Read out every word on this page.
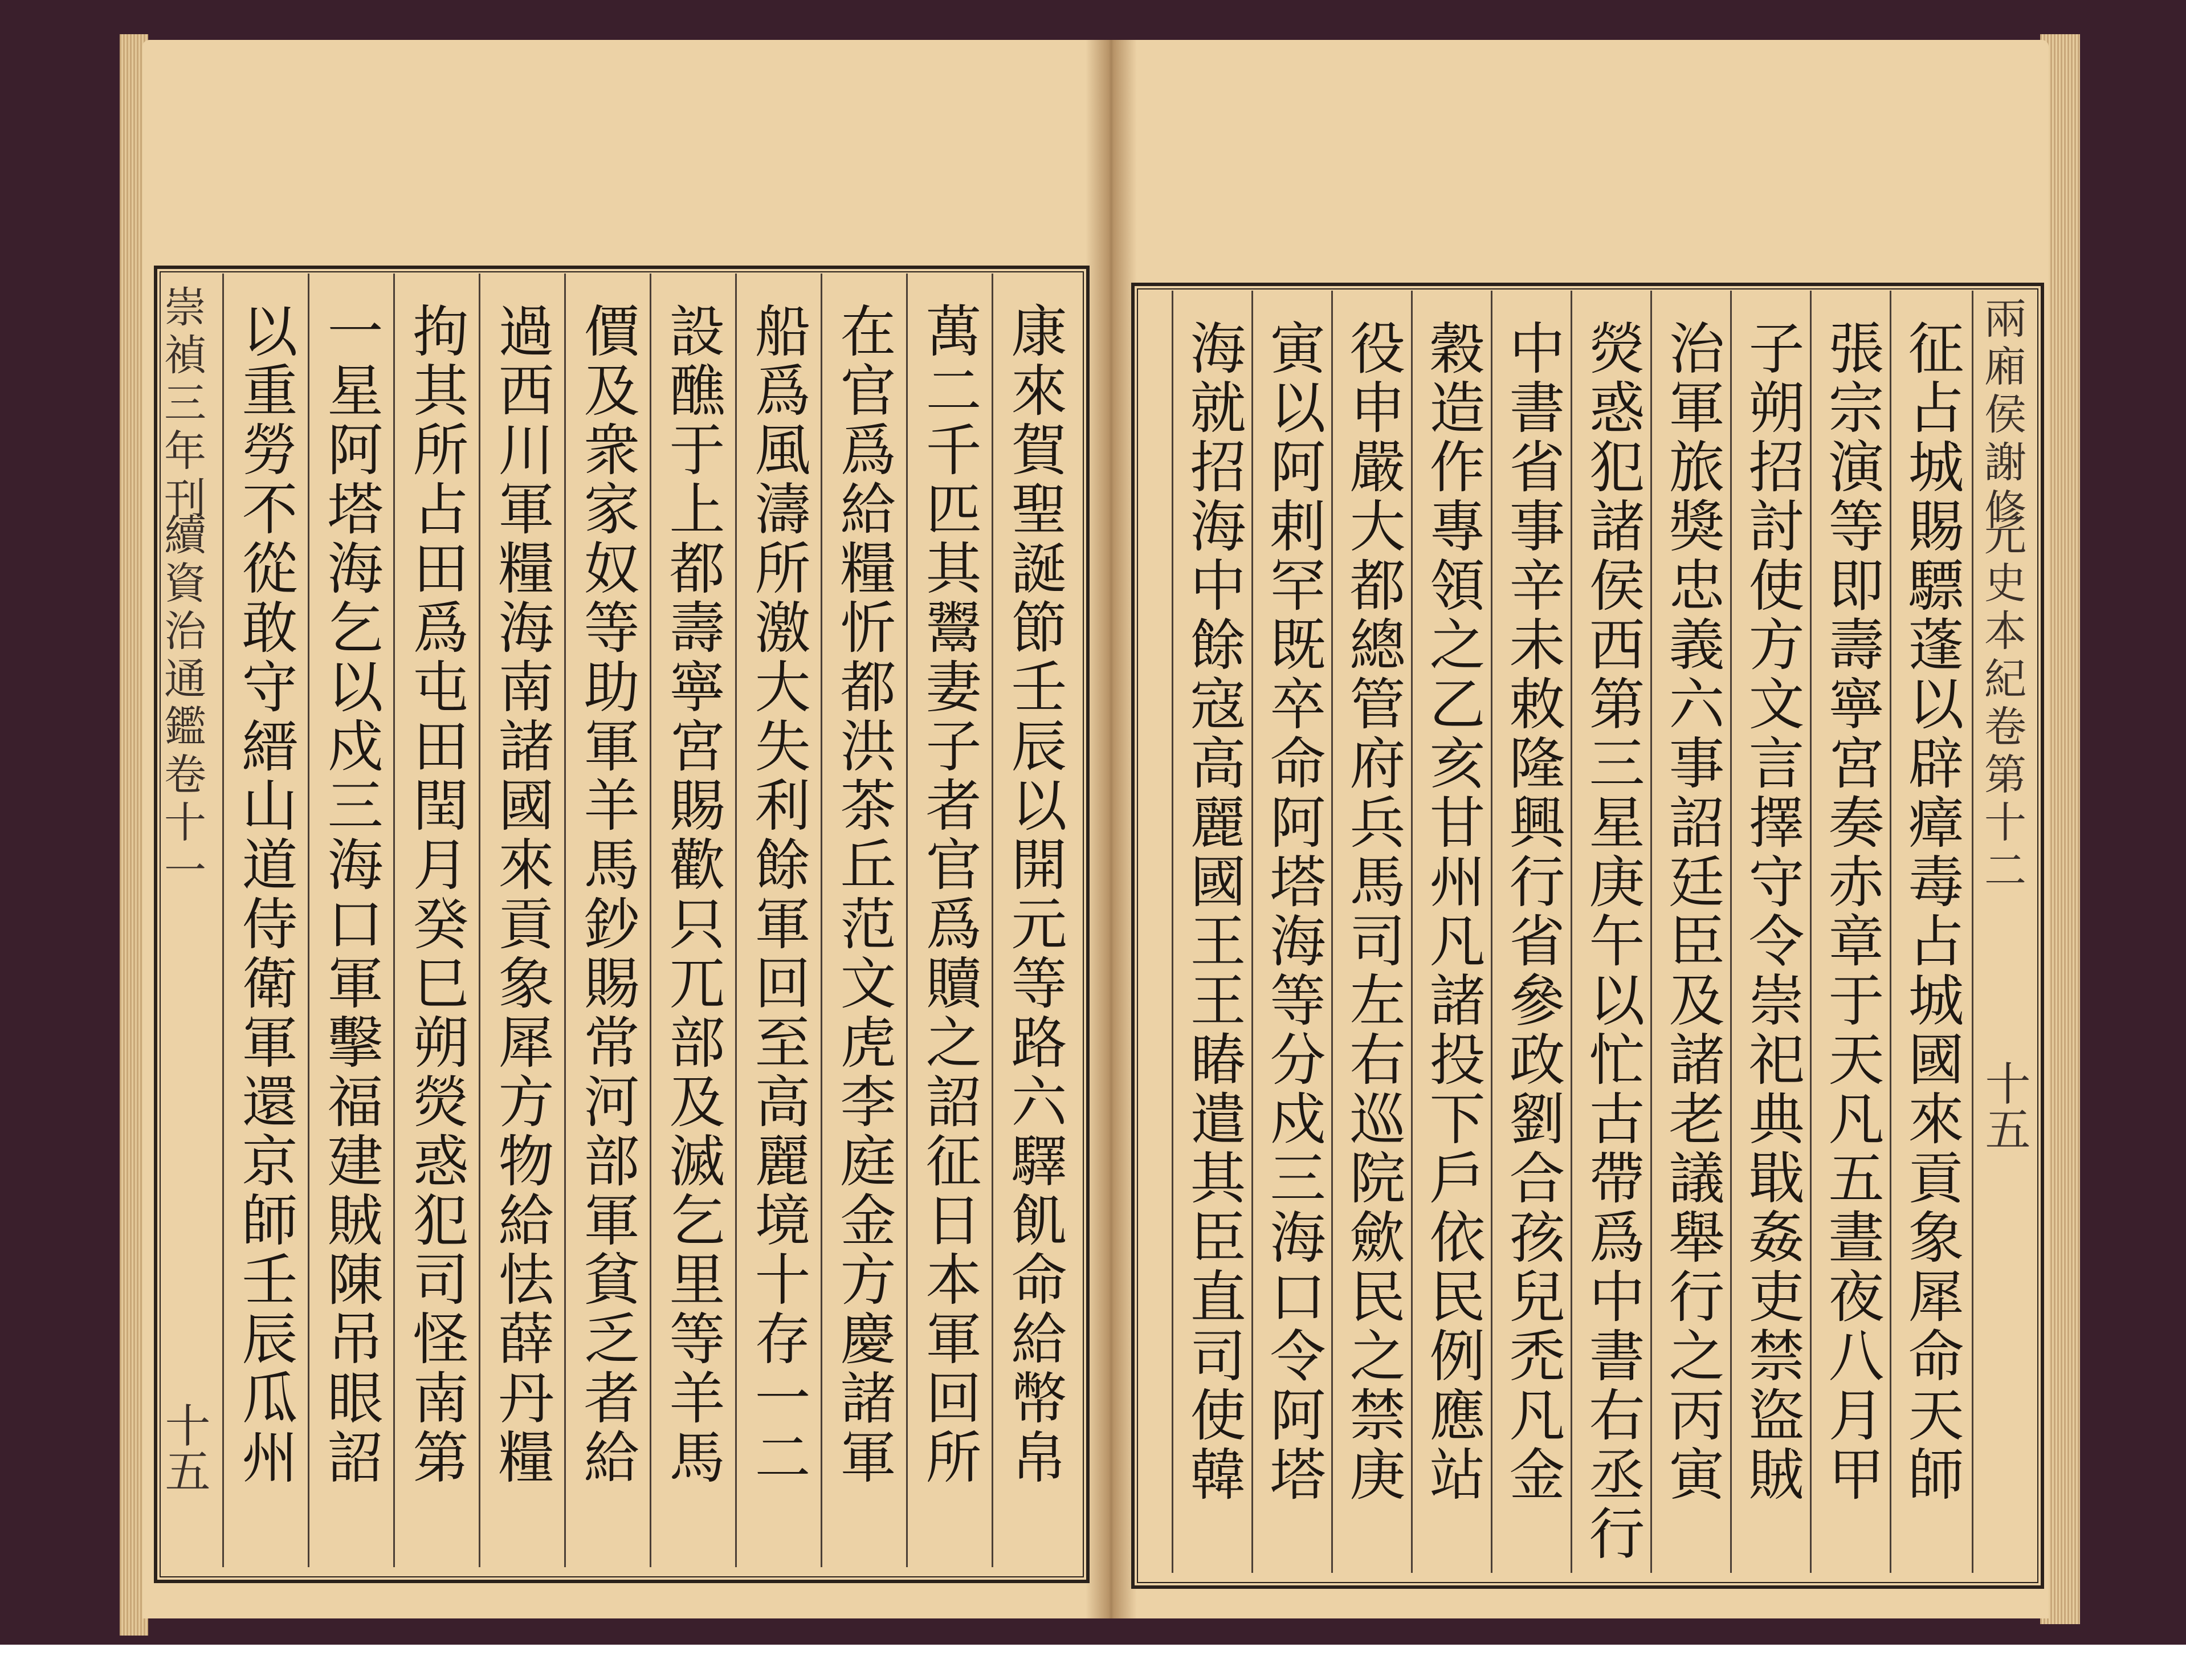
崇禎三年刊
續資治通鑑卷十一
十五	康來賀聖誕節壬辰以開元等路六驛飢命給幣帛
萬二千匹其鬻妻子者官爲贖之詔征日本軍回所
在官爲給糧忻都洪茶丘范文虎李庭金方慶諸軍
船爲風濤所激大失利餘軍回至高麗境十存一二
設醮于上都壽寧宮賜歡只兀部及滅乞里等羊馬
價及衆家奴等助軍羊馬鈔賜常河部軍貧乏者給
過西川軍糧海南諸國來貢象犀方物給怯薛丹糧
拘其所占田爲屯田閏月癸巳朔熒惑犯司怪南第
一星阿塔海乞以戍三海口軍擊福建賊陳吊眼詔
以重勞不從敢守縉山道侍衛軍還京師壬辰瓜州	兩廂侯謝修
元史本紀卷第十二
十五
征占城賜驃蓬以辟瘴毒占城國來貢象犀命天師
張宗演等即壽寧宮奏赤章于天凡五晝夜八月甲
子朔招討使方文言擇守令崇祀典戢姦吏禁盜賊
治軍旅獎忠義六事詔廷臣及諸老議舉行之丙寅
熒惑犯諸侯西第三星庚午以忙古帶爲中書右丞行
中書省事辛未敕隆興行省參政劉合孩兒禿凡金
穀造作專領之乙亥甘州凡諸投下戶依民例應站
役申嚴大都總管府兵馬司左右巡院歛民之禁庚
寅以阿剌罕既卒命阿塔海等分戍三海口令阿塔
海就招海中餘寇高麗國王王睶遣其臣直司使韓
